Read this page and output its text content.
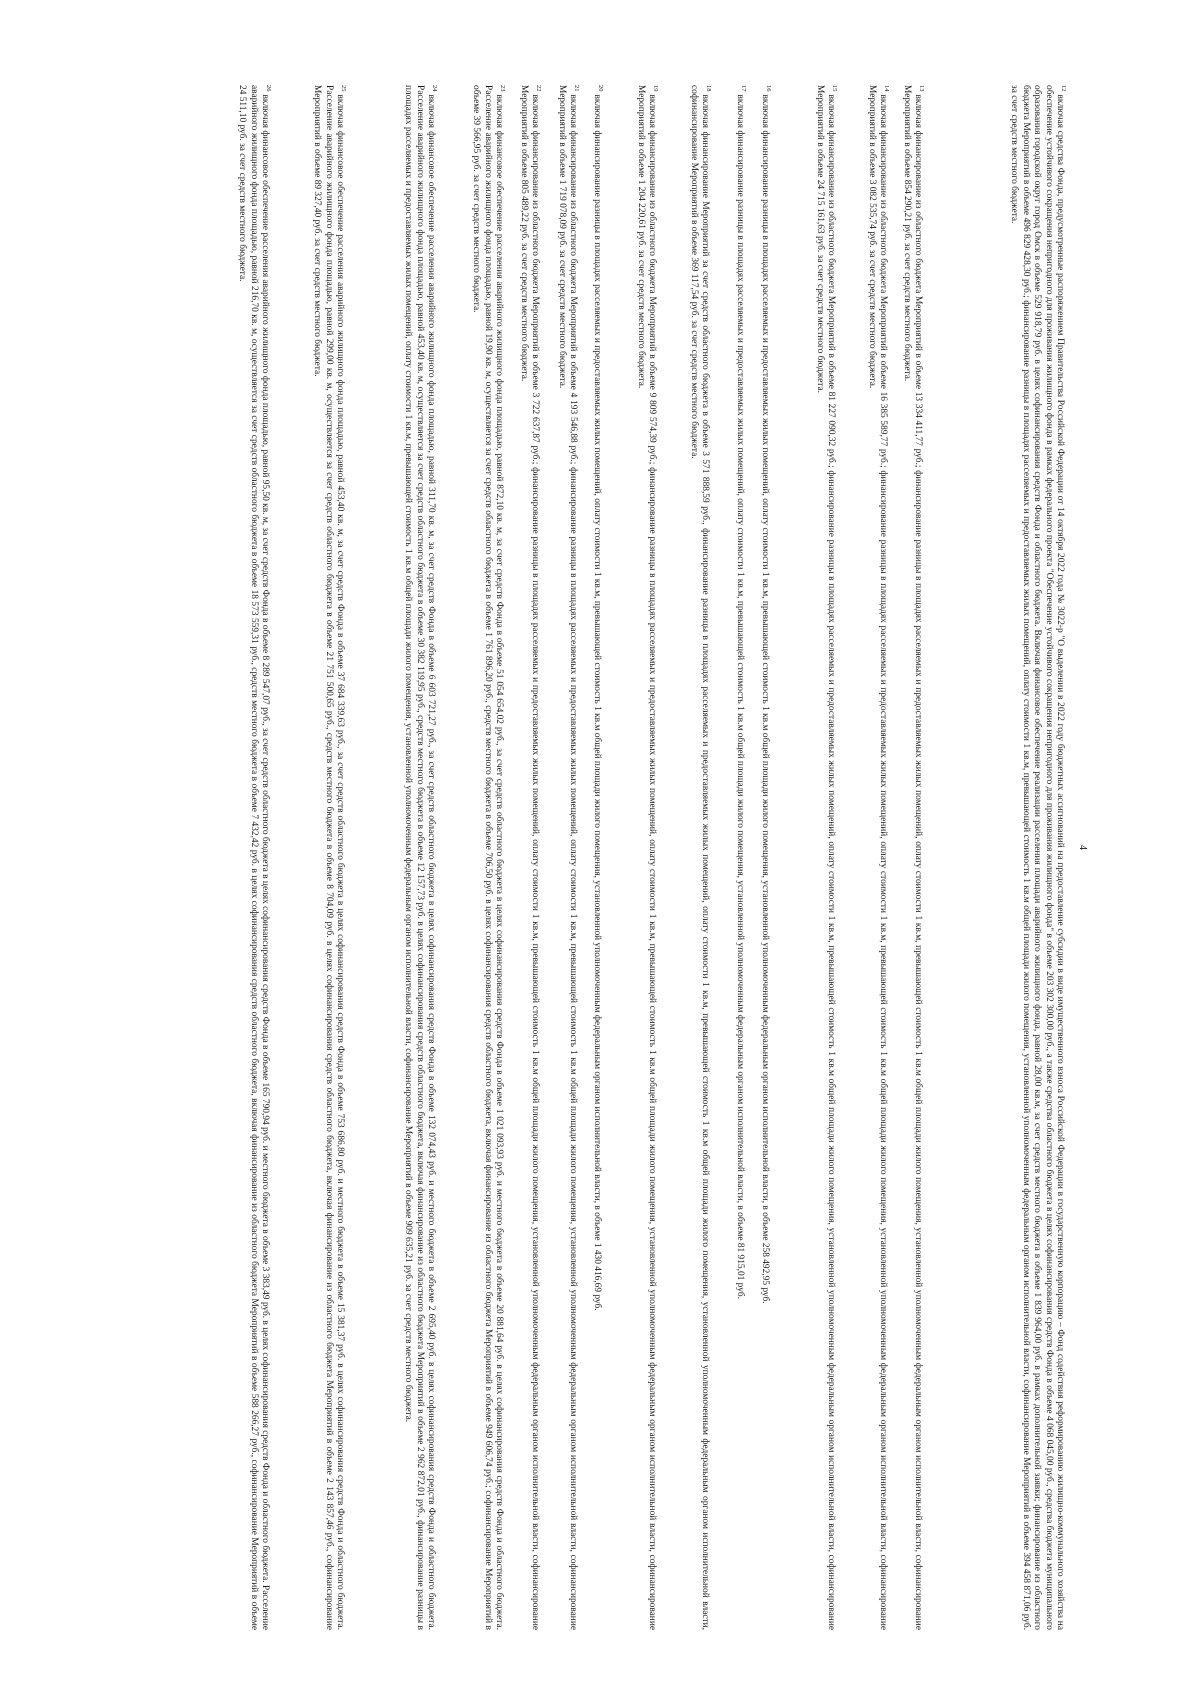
4

$^{12}$включая средства Фонда, предусмотренные распоряжением Правительства Российской Федерации от 14 октября 2022 года № 3022-р "О выделении в 2022 году бюджетных ассигнований на предоставление субсидии в виде имущественного взноса Российской Федерации в государственную корпорацию – Фонд содействия реформированию жилищно-коммунального хозяйства на обеспечение устойчивого сокращения непригодного для проживания жилищного фонда в рамках федерального проекта "Обеспечение устойчивого сокращения непригодного для проживания жилищного фонда" в объеме 203 302 300,00 руб., а также средства областного бюджета в целях софинансирования средств Фонда в объеме 4 068 045,00 руб., средства бюджета муниципального образования городской округ город Омск в объеме 529 918,79 руб. в целях софинансирования средств Фонда и областного бюджета. Включая финансовое обеспечение реализации расселения площади аварийного жилищного фонда, равной 28,00 кв.м, за счет средств местного бюджета в объеме 1 839 964,00 руб. в рамках дополнительной заявки; финансирование из областного бюджета Мероприятий в объеме 496 829 428,30 руб.; финансирование разницы в площадях расселяемых и предоставляемых жилых помещений, оплату стоимости 1 кв.м, превышающей стоимость 1 кв.м общей площади жилого помещения, установленной уполномоченным федеральным органом исполнительной власти, софинансирование Мероприятий в объеме 394 458 871,06 руб. за счет средств местного бюджета.

$^{13}$включая финансирование из областного бюджета Мероприятий в объеме 13 334 411,77 руб.; финансирование разницы в площадях расселяемых и предоставляемых жилых помещений, оплату стоимости 1 кв.м, превышающей стоимость 1 кв.м общей площади жилого помещения, установленной уполномоченным федеральным органом исполнительной власти, софинансирование Мероприятий в объеме 854 290,21 руб. за счет средств местного бюджета.

$^{14}$включая финансирование из областного бюджета Мероприятий в объеме 16 385 589,77 руб.; финансирование разницы в площадях расселяемых и предоставляемых жилых помещений, оплату стоимости 1 кв.м, превышающей стоимость 1 кв.м общей площади жилого помещения, установленной уполномоченным федеральным органом исполнительной власти, софинансирование Мероприятий в объеме 3 082 535,74 руб. за счет средств местного бюджета.

$^{15}$включая финансирование из областного бюджета Мероприятий в объеме 81 227 090,32 руб.; финансирование разницы в площадях расселяемых и предоставляемых жилых помещений, оплату стоимости 1 кв.м, превышающей стоимость 1 кв.м общей площади жилого помещения, установленной уполномоченным федеральным органом исполнительной власти, софинансирование Мероприятий в объеме 24 715 161,63 руб. за счет средств местного бюджета.

$^{16}$включая финансирование разницы в площадях расселяемых и предоставляемых жилых помещений, оплату стоимости 1 кв.м, превышающей стоимость 1 кв.м общей площади жилого помещения, установленной уполномоченным федеральным органом исполнительной власти, в объеме 258 492,95 руб.

$^{17}$включая финансирование разницы в площадях расселяемых и предоставляемых жилых помещений, оплату стоимости 1 кв.м, превышающей стоимость 1 кв.м общей площади жилого помещения, установленной уполномоченным федеральным органом исполнительной власти, в объеме 81 915,01 руб.

$^{18}$включая финансирование Мероприятий за счет средств областного бюджета в объеме 3 571 888,59 руб., финансирование разницы в площадях расселяемых и предоставляемых жилых помещений, оплату стоимости 1 кв.м, превышающей стоимость 1 кв.м общей площади жилого помещения, установленной уполномоченным федеральным органом исполнительной власти, софинансирование Мероприятий в объеме 369 117,54 руб. за счет средств местного бюджета.

$^{19}$включая финансирование из областного бюджета Мероприятий в объеме 9 809 574,39 руб.; финансирование разницы в площадях расселяемых и предоставляемых жилых помещений, оплату стоимости 1 кв.м, превышающей стоимость 1 кв.м общей площади жилого помещения, установленной уполномоченным федеральным органом исполнительной власти, софинансирование Мероприятий в объеме 1 204 220,61 руб. за счет средств местного бюджета.

$^{20}$включая финансирование разницы в площадях расселяемых и предоставляемых жилых помещений, оплату стоимости 1 кв.м, превышающей стоимость 1 кв.м общей площади жилого помещения, установленной уполномоченным федеральным органом исполнительной власти, в объеме 1 430 416,69 руб.

$^{21}$включая финансирование из областного бюджета Мероприятий в объеме 4 193 546,88 руб.; финансирование разницы в площадях расселяемых и предоставляемых жилых помещений, оплату стоимости 1 кв.м, превышающей стоимость 1 кв.м общей площади жилого помещения, установленной уполномоченным федеральным органом исполнительной власти, софинансирование Мероприятий в объеме 1 719 078,09 руб. за счет средств местного бюджета.

$^{22}$включая финансирование из областного бюджета Мероприятий в объеме 3 722 637,87 руб.; финансирование разницы в площадях расселяемых и предоставляемых жилых помещений, оплату стоимости 1 кв.м, превышающей стоимость 1 кв.м общей площади жилого помещения, установленной уполномоченным федеральным органом исполнительной власти, софинансирование Мероприятий в объеме 805 489,22 руб. за счет средств местного бюджета.

$^{23}$включая финансовое обеспечение расселения аварийного жилищного фонда площадью, равной 872,10 кв. м, за счет средств Фонда в объеме 51 054 654,02 руб., за счет средств областного бюджета в целях софинансирования средств Фонда в объеме 1 021 093,93 руб. и местного бюджета в объеме 20 881,64 руб. в целях софинансирования средств Фонда и областного бюджета. Расселение аварийного жилищного фонда площадью, равной 19,90 кв. м, осуществляется за счет средств областного бюджета в объеме 1 761 896,20 руб., средств местного бюджета в объеме 706,50 руб. в целях софинансирования средств областного бюджета, включая финансирование из областного бюджета Мероприятий в объеме 949 606,74 руб.; софинансирование Мероприятий в объеме 39 566,95 руб. за счет средств местного бюджета.

$^{24}$включая финансовое обеспечение расселения аварийного жилищного фонда площадью, равной 311,70 кв. м, за счет средств Фонда в объеме 6 603 721,27 руб., за счет средств областного бюджета в целях софинансирования средств Фонда в объеме 132 074,43 руб. и местного бюджета в объеме 2 695,40 руб. в целях софинансирования средств Фонда и областного бюджета. Расселение аварийного жилищного фонда площадью, равной 453,40 кв. м, осуществляется за счет средств областного бюджета в объеме 30 382 119,95 руб., средств местного бюджета в объеме 12 157,73 руб. в целях софинансирования средств областного бюджета, включая финансирование из областного бюджета Мероприятий в объеме 2 962 872,01 руб., финансирование разницы в площадях расселяемых и предоставляемых жилых помещений, оплату стоимости 1 кв.м, превышающей стоимость 1 кв.м общей площади жилого помещения, установленной уполномоченным федеральным органом исполнительной власти, софинансирование Мероприятий в объеме 909 635,21 руб. за счет средств местного бюджета.

$^{25}$включая финансовое обеспечение расселения аварийного жилищного фонда площадью, равной 453,40 кв. м, за счет средств Фонда в объеме 37 684 339,63 руб., за счет средств областного бюджета в целях софинансирования средств Фонда в объеме 753 686,80 руб. и местного бюджета в объеме 15 381,37 руб. в целях софинансирования средств Фонда и областного бюджета. Расселение аварийного жилищного фонда площадью, равной 299,00 кв. м, осуществляется за счет средств областного бюджета в объеме 21 751 500,65 руб., средств местного бюджета в объеме 8 704,09 руб. в целях софинансирования средств областного бюджета, включая финансирование из областного бюджета Мероприятий в объеме 2 143 857,46 руб., софинансирование Мероприятий в объеме 89 327,40 руб. за счет средств местного бюджета.

$^{26}$включая финансовое обеспечение расселения аварийного жилищного фонда площадью, равной 95,50 кв. м, за счет средств Фонда в объеме 8 289 547,07 руб., за счет средств областного бюджета в целях софинансирования средств Фонда в объеме 165 790,94 руб. и местного бюджета в объеме 3 383,49 руб. в целях софинансирования средств Фонда и областного бюджета. Расселение аварийного жилищного фонда площадью, равной 216,70 кв. м, осуществляется за счет средств областного бюджета в объеме 18 573 559,31 руб., средств местного бюджета в объеме 7 432,42 руб. в целях софинансирования средств областного бюджета, включая финансирование из областного бюджета Мероприятий в объеме 588 266,27 руб., софинансирование Мероприятий в объеме 24 511,10 руб. за счет средств местного бюджета.
